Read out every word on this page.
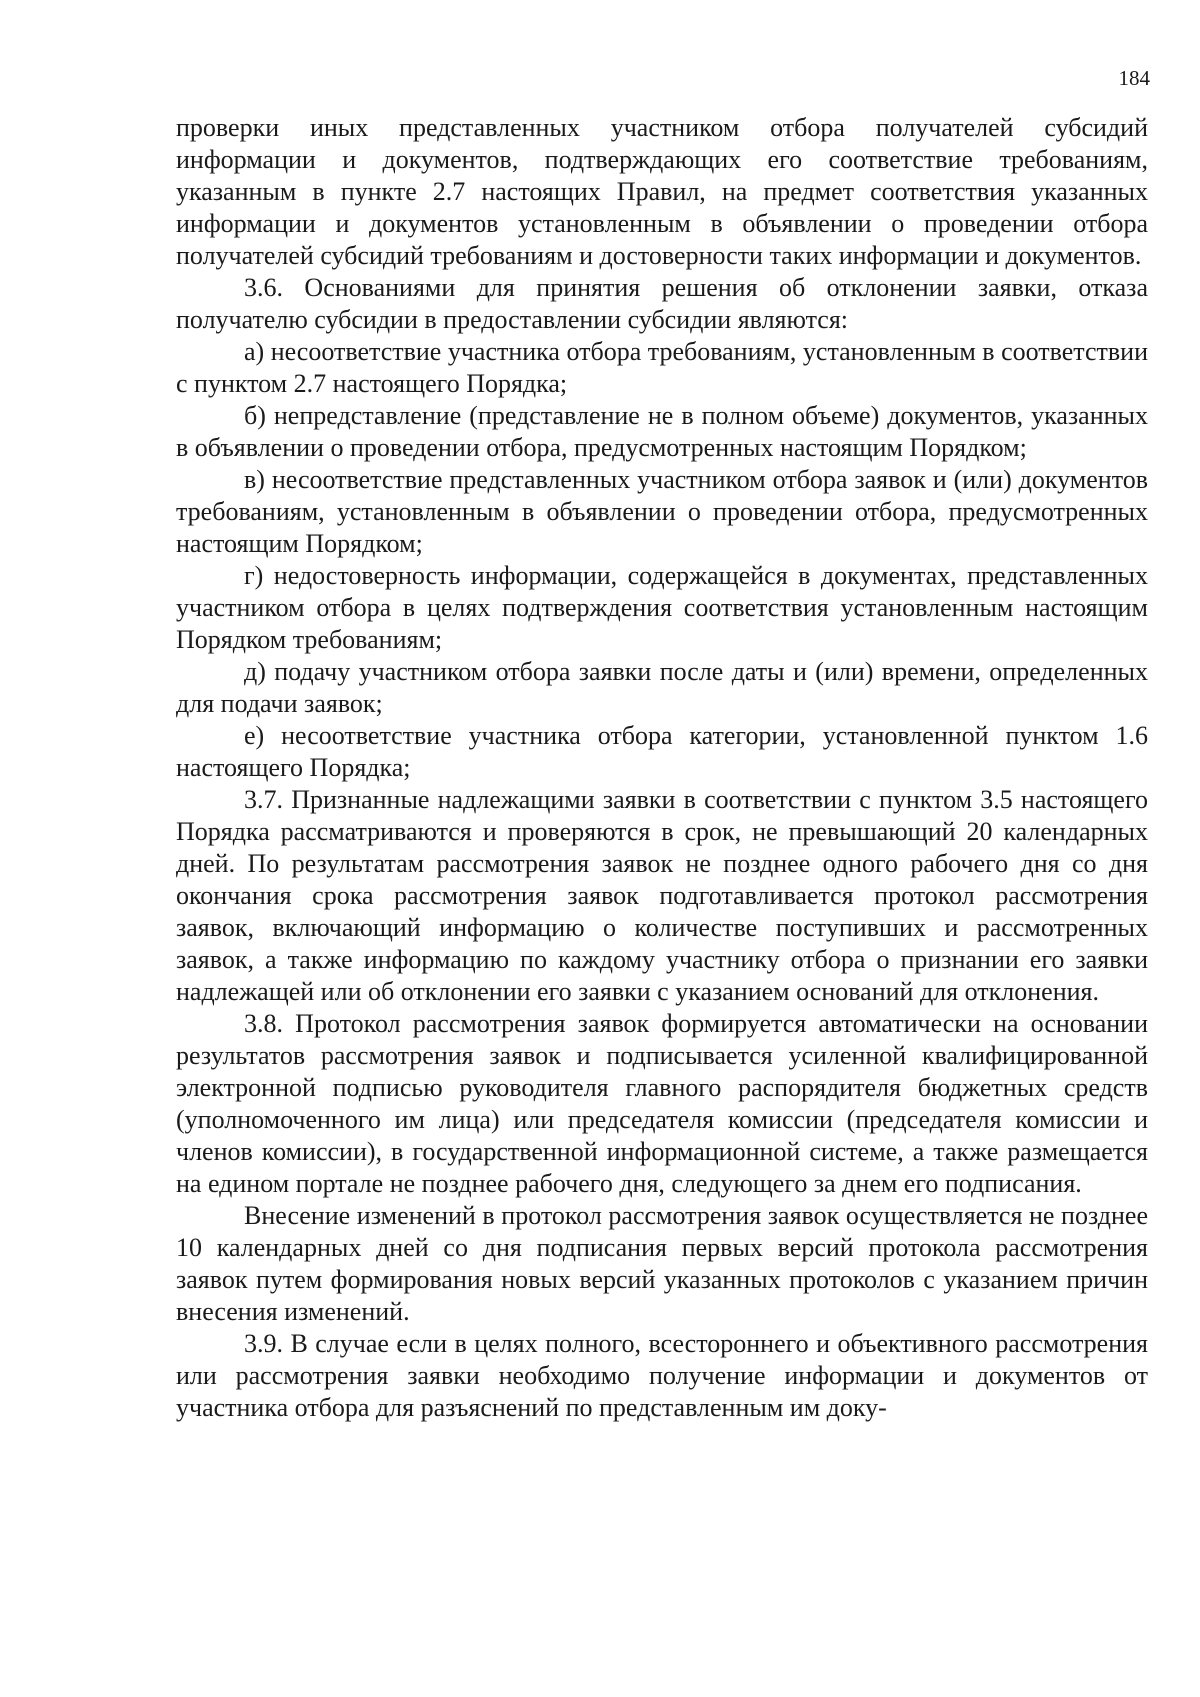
184

проверки иных представленных участником отбора получателей субсидий информации и документов, подтверждающих его соответствие требованиям, указанным в пункте 2.7 настоящих Правил, на предмет соответствия указанных информации и документов установленным в объявлении о проведении отбора получателей субсидий требованиям и достоверности таких информации и документов.

3.6. Основаниями для принятия решения об отклонении заявки, отказа получателю субсидии в предоставлении субсидии являются:

а) несоответствие участника отбора требованиям, установленным в соответствии с пунктом 2.7 настоящего Порядка;

б) непредставление (представление не в полном объеме) документов, указанных в объявлении о проведении отбора, предусмотренных настоящим Порядком;

в) несоответствие представленных участником отбора заявок и (или) документов требованиям, установленным в объявлении о проведении отбора, предусмотренных настоящим Порядком;

г) недостоверность информации, содержащейся в документах, представленных участником отбора в целях подтверждения соответствия установленным настоящим Порядком требованиям;

д) подачу участником отбора заявки после даты и (или) времени, определенных для подачи заявок;

е) несоответствие участника отбора категории, установленной пунктом 1.6 настоящего Порядка;

3.7. Признанные надлежащими заявки в соответствии с пунктом 3.5 настоящего Порядка рассматриваются и проверяются в срок, не превышающий 20 календарных дней. По результатам рассмотрения заявок не позднее одного рабочего дня со дня окончания срока рассмотрения заявок подготавливается протокол рассмотрения заявок, включающий информацию о количестве поступивших и рассмотренных заявок, а также информацию по каждому участнику отбора о признании его заявки надлежащей или об отклонении его заявки с указанием оснований для отклонения.

3.8. Протокол рассмотрения заявок формируется автоматически на основании результатов рассмотрения заявок и подписывается усиленной квалифицированной электронной подписью руководителя главного распорядителя бюджетных средств (уполномоченного им лица) или председателя комиссии (председателя комиссии и членов комиссии), в государственной информационной системе, а также размещается на едином портале не позднее рабочего дня, следующего за днем его подписания.

Внесение изменений в протокол рассмотрения заявок осуществляется не позднее 10 календарных дней со дня подписания первых версий протокола рассмотрения заявок путем формирования новых версий указанных протоколов с указанием причин внесения изменений.

3.9. В случае если в целях полного, всестороннего и объективного рассмотрения или рассмотрения заявки необходимо получение информации и документов от участника отбора для разъяснений по представленным им доку-
